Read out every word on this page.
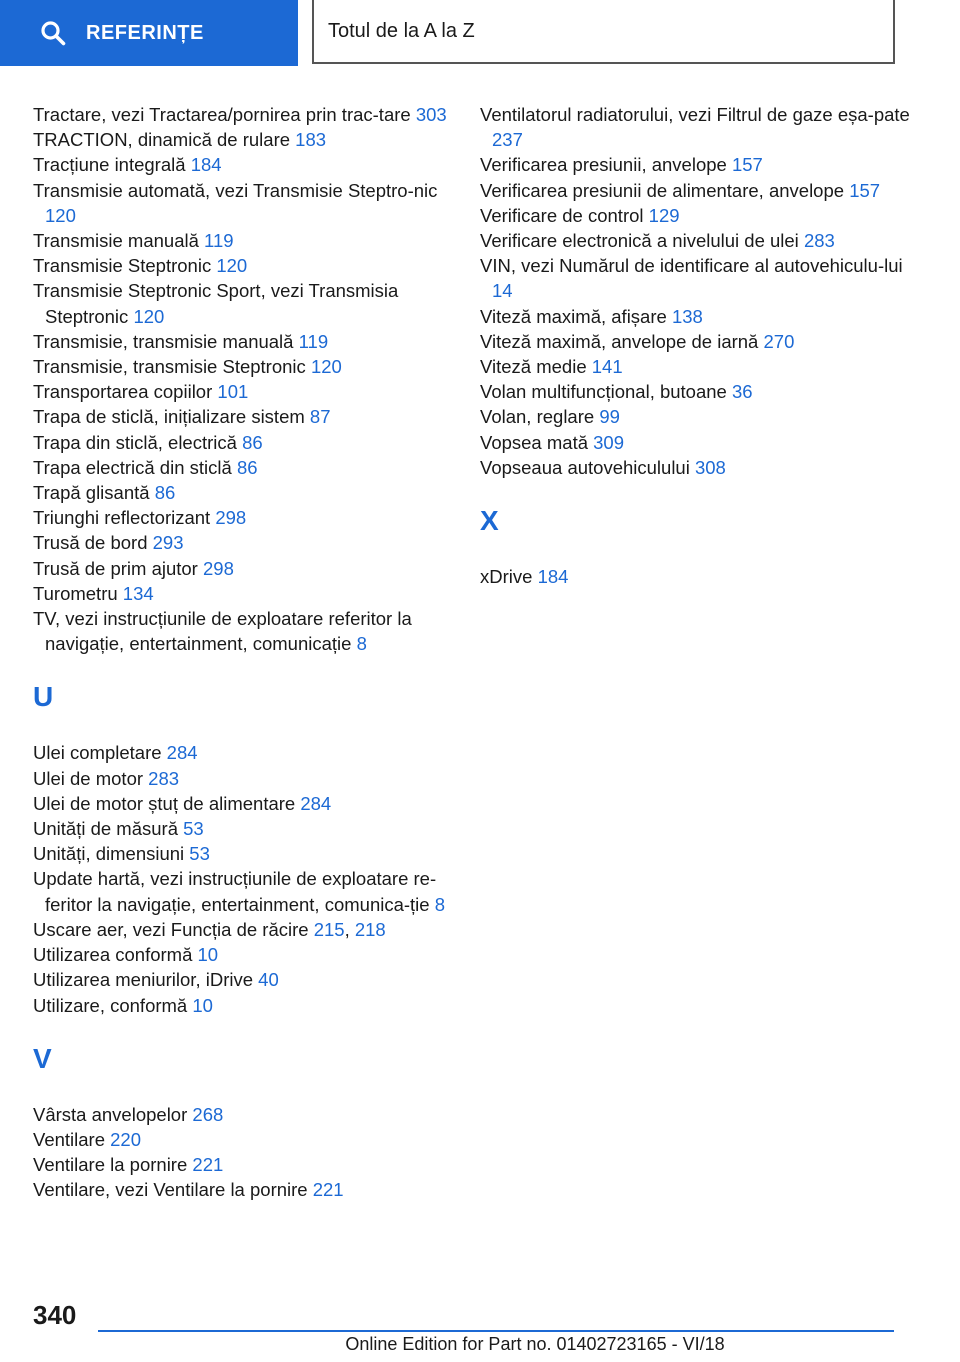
REFERINȚE	Totul de la A la Z
Tractare, vezi Tractarea/pornirea prin trac‐tare 303
TRACTION, dinamică de rulare 183
Tracțiune integrală 184
Transmisie automată, vezi Transmisie Steptro‐nic 120
Transmisie manuală 119
Transmisie Steptronic 120
Transmisie Steptronic Sport, vezi Transmisia Steptronic 120
Transmisie, transmisie manuală 119
Transmisie, transmisie Steptronic 120
Transportarea copiilor 101
Trapa de sticlă, inițializare sistem 87
Trapa din sticlă, electrică 86
Trapa electrică din sticlă 86
Trapă glisantă 86
Triunghi reflectorizant 298
Trusă de bord 293
Trusă de prim ajutor 298
Turometru 134
TV, vezi instrucțiunile de exploatare referitor la navigație, entertainment, comunicație 8
U
Ulei completare 284
Ulei de motor 283
Ulei de motor ștuț de alimentare 284
Unități de măsură 53
Unități, dimensiuni 53
Update hartă, vezi instrucțiunile de exploatare re‐feritor la navigație, entertainment, comunica‐ție 8
Uscare aer, vezi Funcția de răcire 215, 218
Utilizarea conformă 10
Utilizarea meniurilor, iDrive 40
Utilizare, conformă 10
V
Vârsta anvelopelor 268
Ventilare 220
Ventilare la pornire 221
Ventilare, vezi Ventilare la pornire 221
Ventilatorul radiatorului, vezi Filtrul de gaze eșa‐pate 237
Verificarea presiunii, anvelope 157
Verificarea presiunii de alimentare, anvelope 157
Verificare de control 129
Verificare electronică a nivelului de ulei 283
VIN, vezi Numărul de identificare al autovehiculu‐lui 14
Viteză maximă, afișare 138
Viteză maximă, anvelope de iarnă 270
Viteză medie 141
Volan multifuncțional, butoane 36
Volan, reglare 99
Vopsea mată 309
Vopseaua autovehiculului 308
X
xDrive 184
340
Online Edition for Part no. 01402723165 - VI/18
